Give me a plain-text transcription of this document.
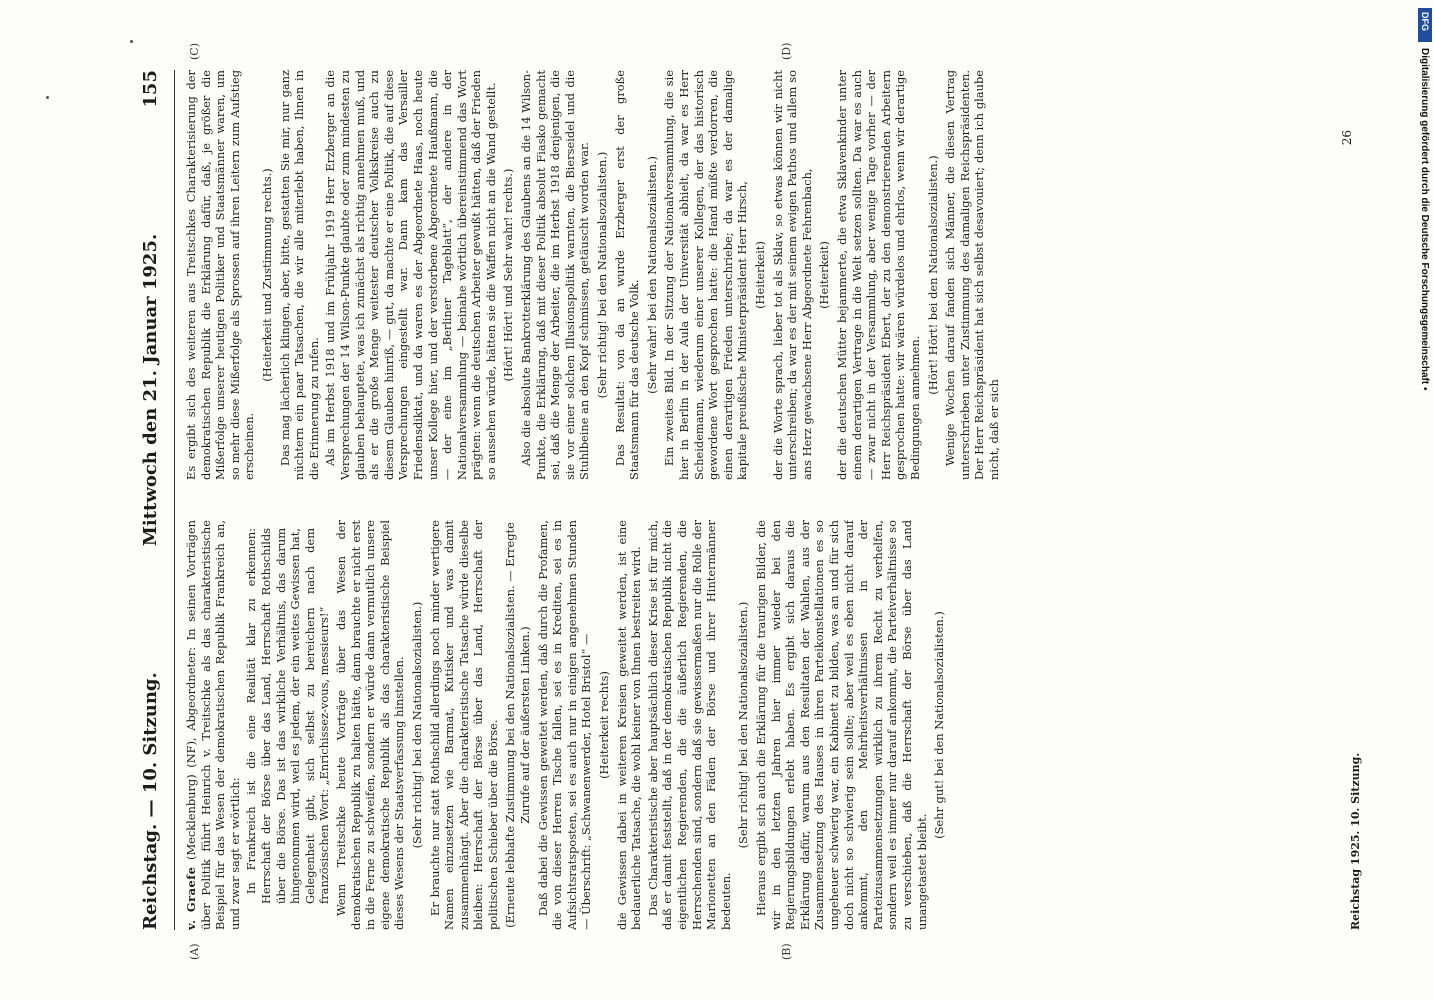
Reichstag. — 10. Sitzung.
Mittwoch den 21. Januar 1925.
155
(A)	(B)
(C)	(D)

v. Graefe (Mecklenburg) (NF), Abgeordneter: In seinen Vorträgen über Politik führt Heinrich v. Treitschke als das charakteristische Beispiel für das Wesen der demokratischen Republik Frankreich an, und zwar sagt er wörtlich: In Frankreich ist die eine Realität klar zu erkennen: Herrschaft der Börse über das Land, Herrschaft Rothschilds über die Börse. Das ist das wirkliche Verhältnis, das darum hingenommen wird, weil es jedem, der ein weites Gewissen hat, Gelegenheit gibt, sich selbst zu bereichern nach dem französischen Wort: „Enrichissez-vous, messieurs!“ Wenn Treitschke heute Vorträge über das Wesen der demokratischen Republik zu halten hätte, dann brauchte er nicht erst in die Ferne zu schweifen, sondern er würde dann vermutlich unsere eigene demokratische Republik als das charakteristische Beispiel dieses Wesens der Staatsverfassung hinstellen. (Sehr richtig! bei den Nationalsozialisten.) Er brauchte nur statt Rothschild allerdings noch minder wertigere Namen einzusetzen wie Barmat, Kutisker und was damit zusammenhängt. Aber die charakteristische Tatsache würde dieselbe bleiben: Herrschaft der Börse über das Land, Herrschaft der politischen Schieber über die Börse. (Erneute lebhafte Zustimmung bei den Nationalsozialisten. — Erregte Zurufe auf der äußersten Linken.) Daß dabei die Gewissen geweitet werden, daß durch die Profamen, die von dieser Herren Tische fallen, sei es in Krediten, sei es in Aufsichtsratsposten, sei es auch nur in einigen angenehmen Stunden — Überschrift: „Schwanenwerder, Hotel Bristol“ — (Heiterkeit rechts) die Gewissen dabei in weiteren Kreisen geweitet werden, ist eine bedauerliche Tatsache, die wohl keiner von Ihnen bestreiten wird. Das Charakteristische aber hauptsächlich dieser Krise ist für mich, daß er damit feststellt, daß in der demokratischen Republik nicht die eigentlichen Regierenden, die die äußerlich Regierenden, die Herrschenden sind, sondern daß sie gewissermaßen nur die Rolle der Marionetten an den Fäden der Börse und ihrer Hintermänner bedeuten.

(Sehr richtig! bei den Nationalsozialisten.) Hieraus ergibt sich auch die Erklärung für die traurigen Bilder, die wir in den letzten Jahren hier immer wieder bei den Regierungsbildungen erlebt haben. Es ergibt sich daraus die Erklärung dafür, warum aus den Resultaten der Wahlen, aus der Zusammensetzung des Hauses in ihren Parteikonstellationen es so ungeheuer schwierig war, ein Kabinett zu bilden, was an und für sich doch nicht so schwierig sein sollte; aber weil es eben nicht darauf ankommt, den Mehrheitsverhältnissen in der Parteizusammensetzungen wirklich zu ihrem Recht zu verhelfen, sondern weil es immer nur darauf ankommt, die Parteiverhältnisse so zu verschieben, daß die Herrschaft der Börse über das Land unangetastet bleibt.

(Sehr gut! bei den Nationalsozialisten.)

Es ergibt sich des weiteren aus Treitschkes Charakterisierung der demokratischen Republik die Erklärung dafür, daß, je größer die Mißerfolge unserer heutigen Politiker und Staatsmänner waren, um so mehr diese Mißerfolge als Sprossen auf ihren Leitern zum Aufstieg erscheinen.

(Heiterkeit und Zustimmung rechts.) Das mag lächerlich klingen, aber, bitte, gestatten Sie mir, nur ganz nüchtern ein paar Tatsachen, die wir alle miterlebt haben, Ihnen in die Erinnerung zu rufen. Als im Herbst 1918 und im Frühjahr 1919 Herr Erzberger an die Versprechungen der 14 Wilson-Punkte glaubte oder zum mindesten zu glauben behauptete, was ich zunächst als richtig annehmen muß, und als er die große Menge weitester deutscher Volkskreise auch zu diesem Glauben hinriß, — gut, da machte er eine Politik, die auf diese Versprechungen eingestellt war. Dann kam das Versailler Friedensdiktat, und da waren es der Abgeordnete Haas, noch heute unser Kollege hier, und der verstorbene Abgeordnete Haußmann, die — der eine im „Berliner Tageblatt“, der andere in der Nationalversammlung — beinahe wörtlich übereinstimmend das Wort prägten: wenn die deutschen Arbeiter gewußt hätten, daß der Frieden so aussehen würde, hätten sie die Waffen nicht an die Wand gestellt. (Hört! Hört! und Sehr wahr! rechts.) Also die absolute Bankrotterklärung des Glaubens an die 14 Wilson-Punkte, die Erklärung, daß mit dieser Politik absolut Fiasko gemacht sei, daß die Menge der Arbeiter, die im Herbst 1918 denjenigen, die sie vor einer solchen Illusionspolitik warnten, die Bierseidel und die Stuhlbeine an den Kopf schmissen, getäuscht worden war. (Sehr richtig! bei den Nationalsozialisten.) Das Resultat: von da an wurde Erzberger erst der große Staatsmann für das deutsche Volk. (Sehr wahr! bei den Nationalsozialisten.) Ein zweites Bild. In der Sitzung der Nationalversammlung, die sie hier in Berlin in der Aula der Universität abhielt, da war es Herr Scheidemann, wiederum einer unserer Kollegen, der das historisch gewordene Wort gesprochen hatte: die Hand müßte verdorren, die einen derartigen Frieden unterschriebe; da war es der damalige kapitale preußische Ministerpräsident Herr Hirsch, (Heiterkeit) der die Worte sprach, lieber tot als Sklav, so etwas können wir nicht unterschreiben; da war es der mit seinem ewigen Pathos und allem so ans Herz gewachsene Herr Abgeordnete Fehrenbach, (Heiterkeit) der die deutschen Mütter bejammerte, die etwa Sklavenkinder unter einem derartigen Vertrage in die Welt setzen sollten. Da war es auch — zwar nicht in der Versammlung, aber wenige Tage vorher — der Herr Reichspräsident Ebert, der zu den demonstrierenden Arbeitern gesprochen hatte: wir wären würdelos und ehrlos, wenn wir derartige Bedingungen annehmen.

(Hört! Hört! bei den Nationalsozialisten.) Wenige Wochen darauf fanden sich Männer, die diesen Vertrag unterschrieben unter Zustimmung des damaligen Reichspräsidenten. Der Herr Reichspräsident hat sich selbst desavouiert; denn ich glaube nicht, daß er sich

Reichstag 1925. 10. Sitzung.
26
DFG
Digitalisierung gefördert durch die Deutsche Forschungsgemeinschaft •
